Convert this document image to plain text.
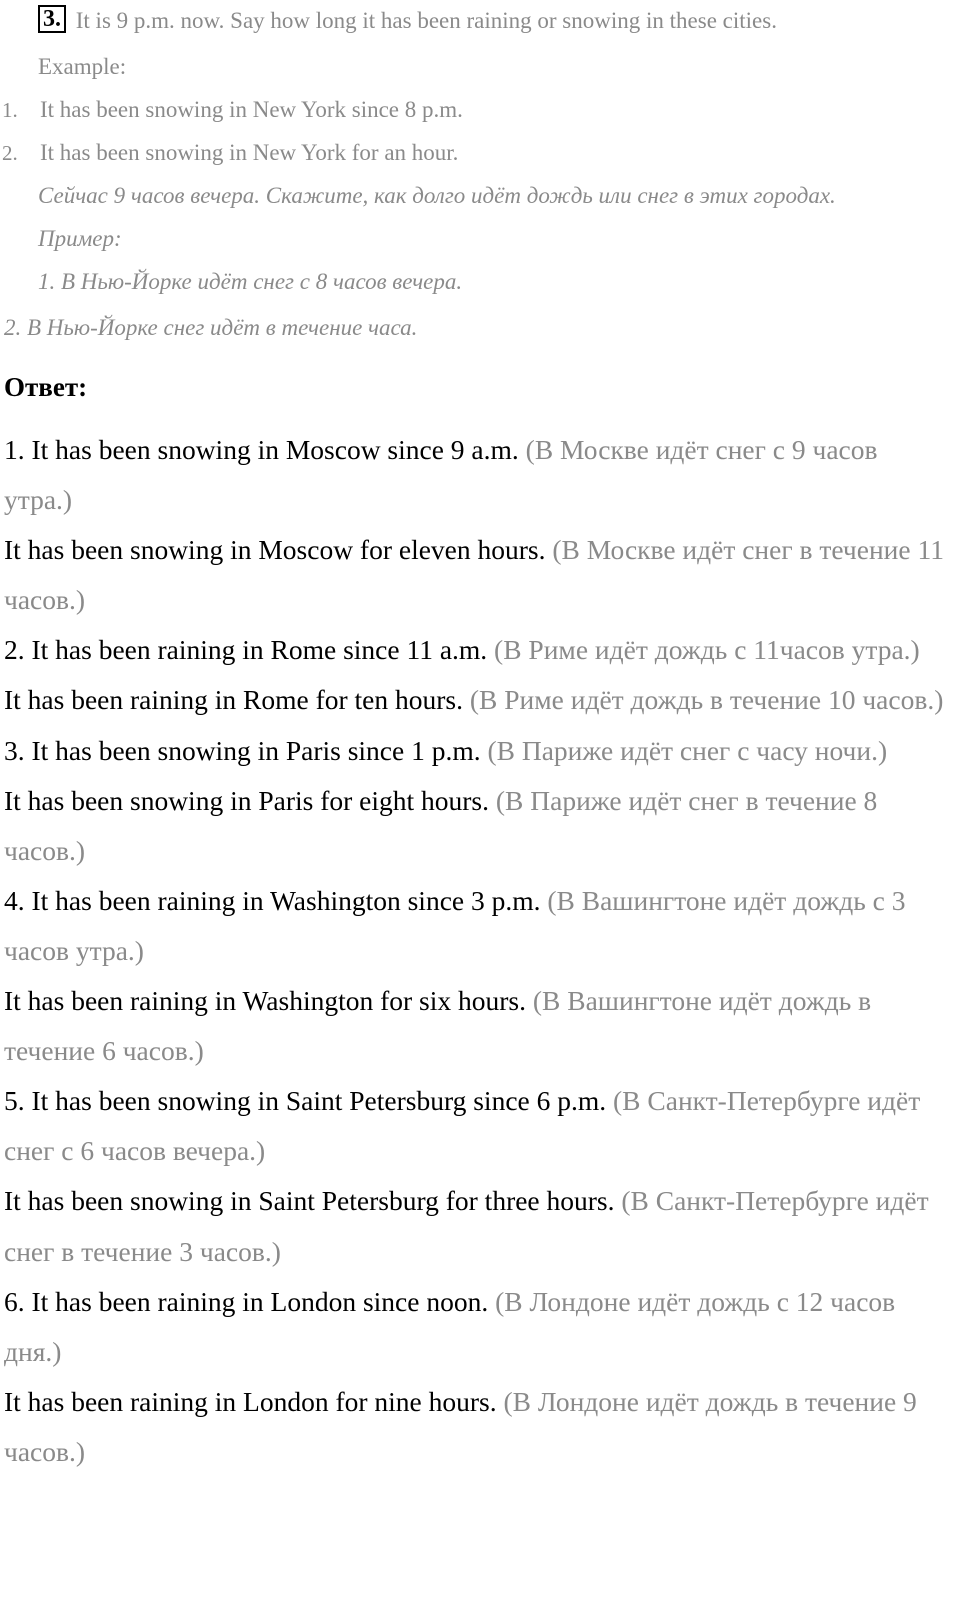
3. It is 9 p.m. now. Say how long it has been raining or snowing in these cities.
Example:
1. It has been snowing in New York since 8 p.m.
2. It has been snowing in New York for an hour.
Сейчас 9 часов вечера. Скажите, как долго идёт дождь или снег в этих городах.
Пример:
1. В Нью-Йорке идёт снег с 8 часов вечера.
2. В Нью-Йорке снег идёт в течение часа.
Ответ:

1. It has been snowing in Moscow since 9 a.m. (В Москве идёт снег с 9 часов утра.)

It has been snowing in Moscow for eleven hours. (В Москве идёт снег в течение 11 часов.)

2. It has been raining in Rome since 11 a.m. (В Риме идёт дождь с 11часов утра.)

It has been raining in Rome for ten hours. (В Риме идёт дождь в течение 10 часов.)

3. It has been snowing in Paris since 1 p.m. (В Париже идёт снег с часу ночи.)

It has been snowing in Paris for eight hours. (В Париже идёт снег в течение 8 часов.)

4. It has been raining in Washington since 3 p.m. (В Вашингтоне идёт дождь с 3 часов утра.)

It has been raining in Washington for six hours. (В Вашингтоне идёт дождь в течение 6 часов.)

5. It has been snowing in Saint Petersburg since 6 p.m. (В Санкт-Петербурге идёт снег с 6 часов вечера.)

It has been snowing in Saint Petersburg for three hours. (В Санкт-Петербурге идёт снег в течение 3 часов.)

6. It has been raining in London since noon. (В Лондоне идёт дождь с 12 часов дня.)

It has been raining in London for nine hours. (В Лондоне идёт дождь в течение 9 часов.)
